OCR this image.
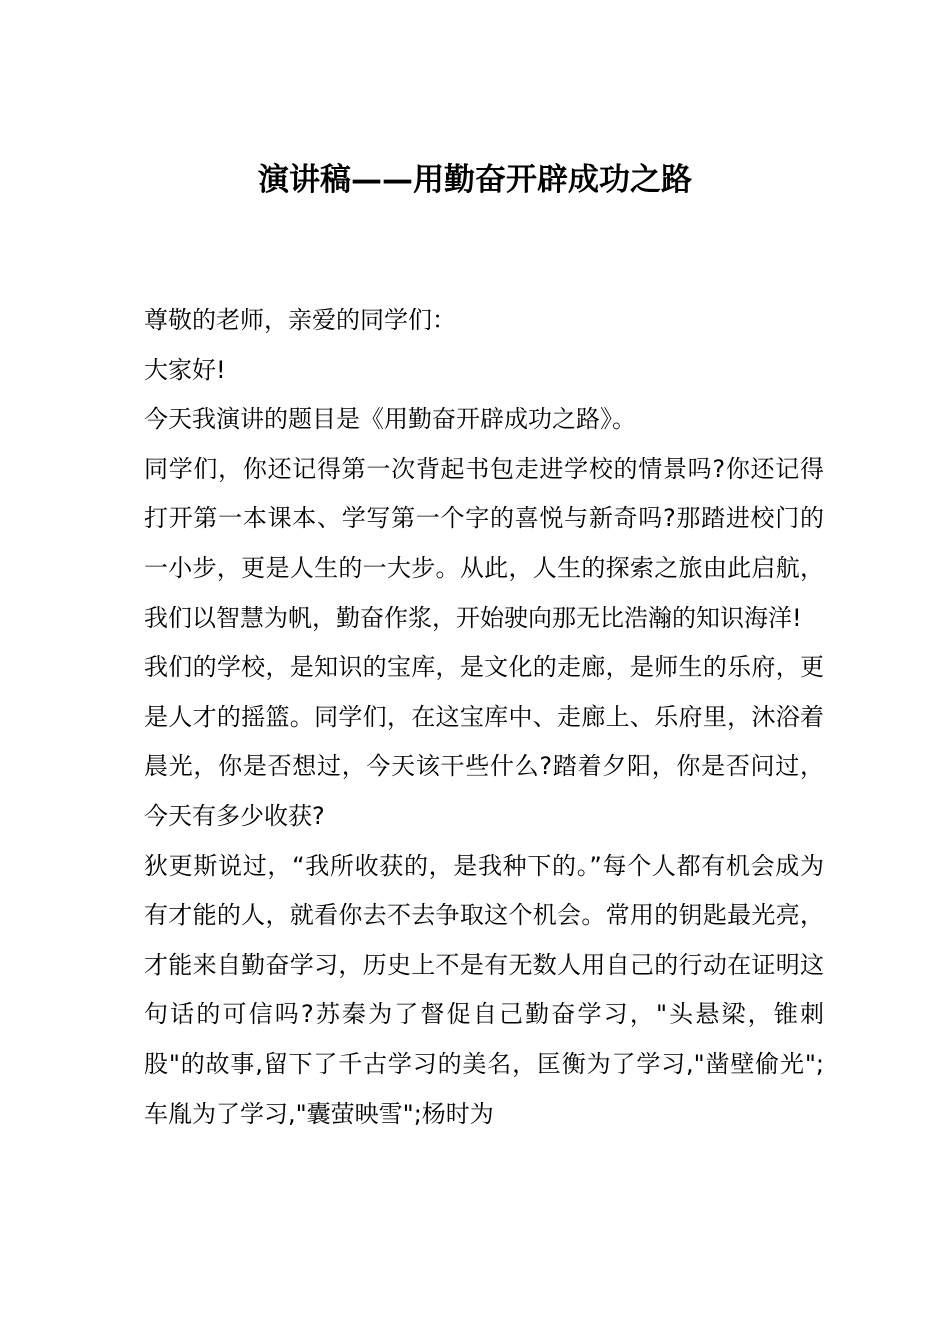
演讲稿——用勤奋开辟成功之路

尊敬的老师，亲爱的同学们：

大家好!

今天我演讲的题目是《用勤奋开辟成功之路》。

同学们，你还记得第一次背起书包走进学校的情景吗?你还记得打开第一本课本、学写第一个字的喜悦与新奇吗?那踏进校门的一小步，更是人生的一大步。从此，人生的探索之旅由此启航，我们以智慧为帆，勤奋作浆，开始驶向那无比浩瀚的知识海洋!

我们的学校，是知识的宝库，是文化的走廊，是师生的乐府，更是人才的摇篮。同学们，在这宝库中、走廊上、乐府里，沐浴着晨光，你是否想过，今天该干些什么?踏着夕阳，你是否问过，今天有多少收获?

狄更斯说过，“我所收获的，是我种下的。”每个人都有机会成为有才能的人，就看你去不去争取这个机会。常用的钥匙最光亮，才能来自勤奋学习，历史上不是有无数人用自己的行动在证明这句话的可信吗?苏秦为了督促自己勤奋学习，"头悬梁，锥刺股"的故事,留下了千古学习的美名，匡衡为了学习,"凿壁偷光";车胤为了学习,"囊萤映雪";杨时为
